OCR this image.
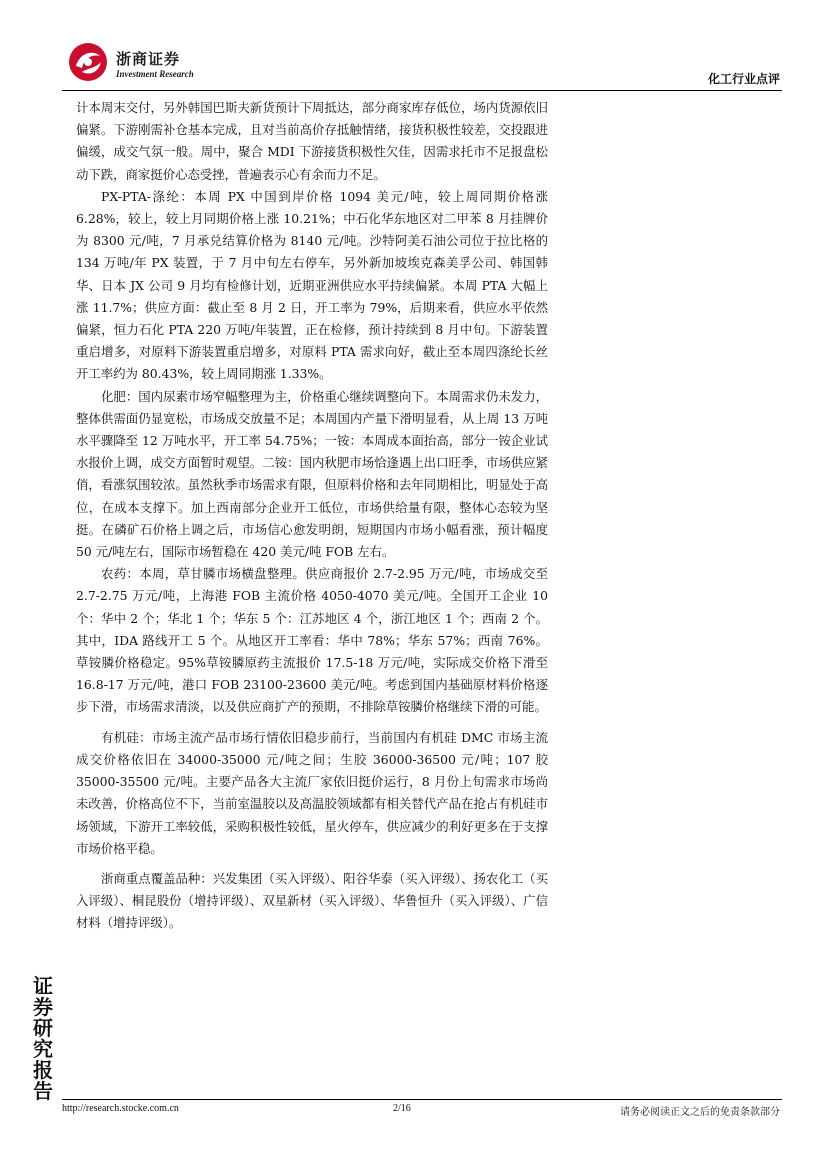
浙商证券
Investment Research	化工行业点评

计本周末交付，另外韩国巴斯夫新货预计下周抵达，部分商家库存低位，场内货源依旧偏紧。下游刚需补仓基本完成，且对当前高价存抵触情绪，接货积极性较差，交投跟进偏缓，成交气氛一般。周中，聚合 MDI 下游接货积极性欠佳，因需求托市不足报盘松动下跌，商家挺价心态受挫，普遍表示心有余而力不足。

PX-PTA-涤纶：本周 PX 中国到岸价格 1094 美元/吨，较上周同期价格涨 6.28%，较上，较上月同期价格上涨 10.21%；中石化华东地区对二甲苯 8 月挂牌价为 8300 元/吨，7 月承兑结算价格为 8140 元/吨。沙特阿美石油公司位于拉比格的 134 万吨/年 PX 装置，于 7 月中旬左右停车，另外新加坡埃克森美孚公司、韩国韩华、日本 JX 公司 9 月均有检修计划，近期亚洲供应水平持续偏紧。本周 PTA 大幅上涨 11.7%；供应方面：截止至 8 月 2 日，开工率为 79%，后期来看，供应水平依然偏紧，恒力石化 PTA 220 万吨/年装置，正在检修，预计持续到 8 月中旬。下游装置重启增多，对原料下游装置重启增多，对原料 PTA 需求向好，截止至本周四涤纶长丝开工率约为 80.43%，较上周同期涨 1.33%。

化肥：国内尿素市场窄幅整理为主，价格重心继续调整向下。本周需求仍未发力，整体供需面仍显宽松，市场成交放量不足；本周国内产量下滑明显看，从上周 13 万吨水平骤降至 12 万吨水平，开工率 54.75%；一铵：本周成本面抬高，部分一铵企业试水报价上调，成交方面暂时观望。二铵：国内秋肥市场恰逢遇上出口旺季，市场供应紧俏，看涨氛围较浓。虽然秋季市场需求有限，但原料价格和去年同期相比，明显处于高位，在成本支撑下。加上西南部分企业开工低位，市场供给量有限，整体心态较为坚挺。在磷矿石价格上调之后，市场信心愈发明朗，短期国内市场小幅看涨，预计幅度 50 元/吨左右，国际市场暂稳在 420 美元/吨 FOB 左右。

农药：本周，草甘膦市场横盘整理。供应商报价 2.7-2.95 万元/吨，市场成交至 2.7-2.75 万元/吨，上海港 FOB 主流价格 4050-4070 美元/吨。全国开工企业 10 个：华中 2 个；华北 1 个；华东 5 个：江苏地区 4 个，浙江地区 1 个；西南 2 个。其中，IDA 路线开工 5 个。从地区开工率看：华中 78%；华东 57%；西南 76%。草铵膦价格稳定。95%草铵膦原药主流报价 17.5-18 万元/吨，实际成交价格下滑至 16.8-17 万元/吨，港口 FOB 23100-23600 美元/吨。考虑到国内基础原材料价格逐步下滑，市场需求清淡，以及供应商扩产的预期，不排除草铵膦价格继续下滑的可能。

有机硅：市场主流产品市场行情依旧稳步前行，当前国内有机硅 DMC 市场主流成交价格依旧在 34000-35000 元/吨之间；生胶 36000-36500 元/吨；107 胶 35000-35500 元/吨。主要产品各大主流厂家依旧挺价运行，8 月份上旬需求市场尚未改善，价格高位不下，当前室温胶以及高温胶领域都有相关替代产品在抢占有机硅市场领域，下游开工率较低，采购积极性较低，星火停车，供应减少的利好更多在于支撑市场价格平稳。

浙商重点覆盖品种：兴发集团（买入评级）、阳谷华泰（买入评级）、扬农化工（买入评级）、桐昆股份（增持评级）、双星新材（买入评级）、华鲁恒升（买入评级）、广信材料（增持评级）。

证
券
研
究
报
告
http://research.stocke.com.cn	2/16	请务必阅读正文之后的免责条款部分
